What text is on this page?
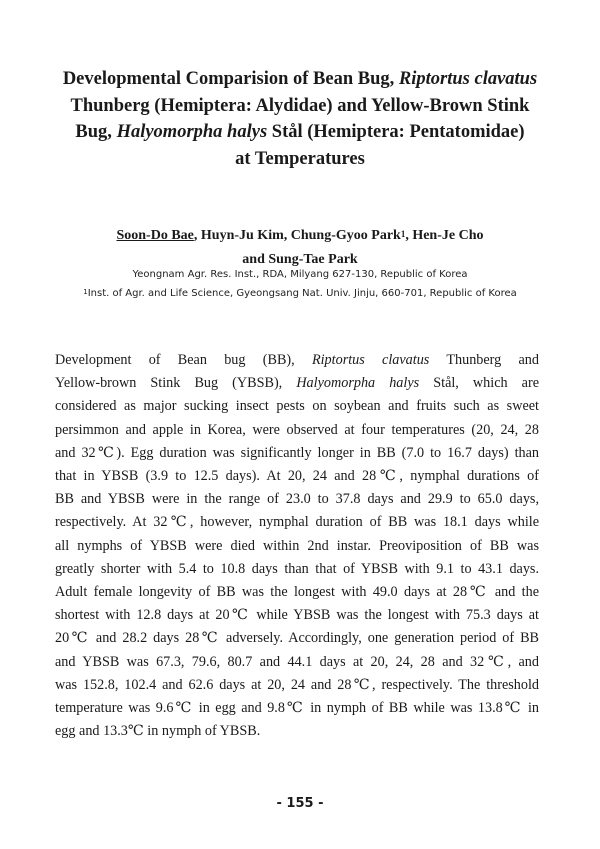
Developmental Comparision of Bean Bug, Riptortus clavatus
Thunberg (Hemiptera: Alydidae) and Yellow-Brown Stink
Bug, Halyomorpha halys Stål (Hemiptera: Pentatomidae)
at Temperatures
Soon-Do Bae, Huyn-Ju Kim, Chung-Gyoo Park$^1$, Hen-Je Cho
and Sung-Tae Park
Yeongnam Agr. Res. Inst., RDA, Milyang 627-130, Republic of Korea
$^1$Inst. of Agr. and Life Science, Gyeongsang Nat. Univ. Jinju, 660-701, Republic of Korea
Development of Bean bug (BB), Riptortus clavatus Thunberg and
Yellow-brown Stink Bug (YBSB), Halyomorpha halys Stål, which are
considered as major sucking insect pests on soybean and fruits such as sweet
persimmon and apple in Korea, were observed at four temperatures (20, 24, 28
and 32℃). Egg duration was significantly longer in BB (7.0 to 16.7 days) than
that in YBSB (3.9 to 12.5 days). At 20, 24 and 28℃, nymphal durations of
BB and YBSB were in the range of 23.0 to 37.8 days and 29.9 to 65.0 days,
respectively. At 32℃, however, nymphal duration of BB was 18.1 days while
all nymphs of YBSB were died within 2nd instar. Preoviposition of BB was
greatly shorter with 5.4 to 10.8 days than that of YBSB with 9.1 to 43.1 days.
Adult female longevity of BB was the longest with 49.0 days at 28℃ and the
shortest with 12.8 days at 20℃ while YBSB was the longest with 75.3 days at
20℃ and 28.2 days 28℃ adversely. Accordingly, one generation period of BB
and YBSB was 67.3, 79.6, 80.7 and 44.1 days at 20, 24, 28 and 32℃, and
was 152.8, 102.4 and 62.6 days at 20, 24 and 28℃, respectively. The threshold
temperature was 9.6℃ in egg and 9.8℃ in nymph of BB while was 13.8℃ in
egg and 13.3℃ in nymph of YBSB.
- 155 -
